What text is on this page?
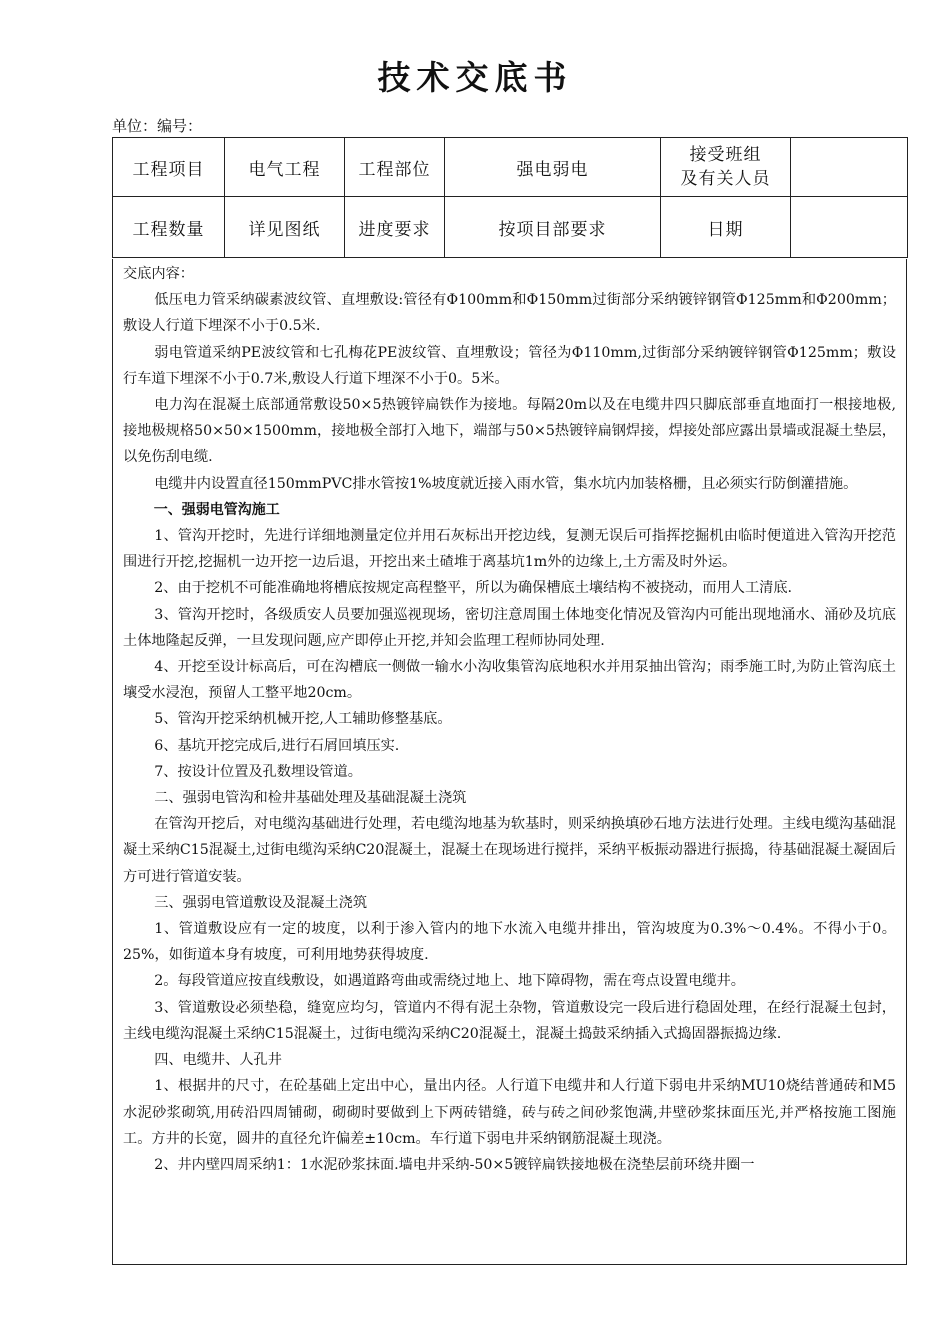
技术交底书
单位：编号：
工程项目	电气工程	工程部位	强电弱电	接受班组
及有关人员	

工程数量	详见图纸	进度要求	按项目部要求	日期	

交底内容：

低压电力管采纳碳素波纹管、直埋敷设:管径有Φ100mm和Φ150mm过街部分采纳镀锌钢管Φ125mm和Φ200mm；敷设人行道下埋深不小于0.5米.

弱电管道采纳PE波纹管和七孔梅花PE波纹管、直埋敷设；管径为Φ110mm,过街部分采纳镀锌钢管Φ125mm；敷设行车道下埋深不小于0.7米,敷设人行道下埋深不小于0。5米。

电力沟在混凝土底部通常敷设50×5热镀锌扁铁作为接地。每隔20m以及在电缆井四只脚底部垂直地面打一根接地极,接地极规格50×50×1500mm，接地极全部打入地下，端部与50×5热镀锌扁钢焊接，焊接处部应露出景墙或混凝土垫层，以免伤刮电缆.

电缆井内设置直径150mmPVC排水管按1%坡度就近接入雨水管，集水坑内加装格栅，且必须实行防倒灌措施。

一、强弱电管沟施工

1、管沟开挖时，先进行详细地测量定位并用石灰标出开挖边线，复测无误后可指挥挖掘机由临时便道进入管沟开挖范围进行开挖,挖掘机一边开挖一边后退，开挖出来土碴堆于离基坑1m外的边缘上,土方需及时外运。

2、由于挖机不可能准确地将槽底按规定高程整平，所以为确保槽底土壤结构不被挠动，而用人工清底.

3、管沟开挖时，各级质安人员要加强巡视现场，密切注意周围土体地变化情况及管沟内可能出现地涌水、涌砂及坑底土体地隆起反弹，一旦发现问题,应产即停止开挖,并知会监理工程师协同处理.

4、开挖至设计标高后，可在沟槽底一侧做一输水小沟收集管沟底地积水并用泵抽出管沟；雨季施工时,为防止管沟底土壤受水浸泡，预留人工整平地20cm。

5、管沟开挖采纳机械开挖,人工辅助修整基底。

6、基坑开挖完成后,进行石屑回填压实.

7、按设计位置及孔数埋设管道。

二、强弱电管沟和检井基础处理及基础混凝土浇筑

在管沟开挖后，对电缆沟基础进行处理，若电缆沟地基为软基时，则采纳换填砂石地方法进行处理。主线电缆沟基础混凝土采纳C15混凝土,过街电缆沟采纳C20混凝土，混凝土在现场进行搅拌，采纳平板振动器进行振捣，待基础混凝土凝固后方可进行管道安装。

三、强弱电管道敷设及混凝土浇筑

1、管道敷设应有一定的坡度，以利于渗入管内的地下水流入电缆井排出，管沟坡度为0.3%～0.4%。不得小于0。25%，如街道本身有坡度，可利用地势获得坡度.

2。每段管道应按直线敷设，如遇道路弯曲或需绕过地上、地下障碍物，需在弯点设置电缆井。

3、管道敷设必须垫稳，缝宽应均匀，管道内不得有泥土杂物，管道敷设完一段后进行稳固处理，在经行混凝土包封，主线电缆沟混凝土采纳C15混凝土，过街电缆沟采纳C20混凝土，混凝土捣鼓采纳插入式捣固器振捣边缘.

四、电缆井、人孔井

1、根据井的尺寸，在砼基础上定出中心，量出内径。人行道下电缆井和人行道下弱电井采纳MU10烧结普通砖和M5水泥砂浆砌筑,用砖沿四周铺砌，砌砌时要做到上下两砖错缝，砖与砖之间砂浆饱满,井壁砂浆抹面压光,并严格按施工图施工。方井的长宽，圆井的直径允许偏差±10cm。车行道下弱电井采纳钢筋混凝土现浇。

2、井内壁四周采纳1：1水泥砂浆抹面.墙电井采纳-50×5镀锌扁铁接地极在浇垫层前环绕井圈一
